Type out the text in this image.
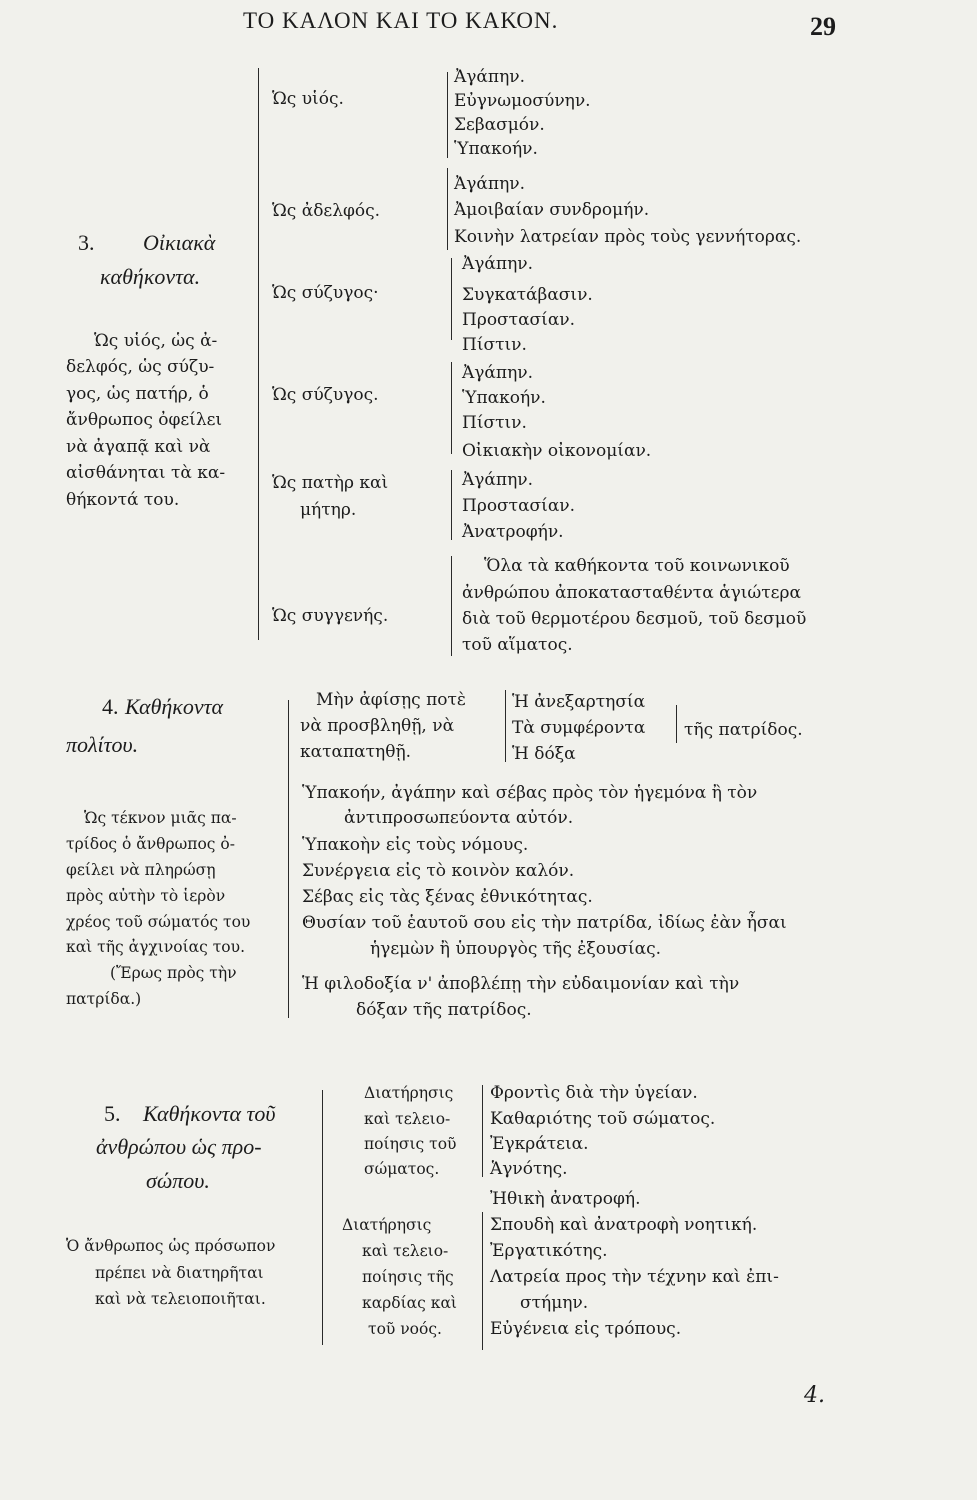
ΤΟ ΚΑΛΟΝ ΚΑΙ ΤΟ ΚΑΚΟΝ.	29
3. Οἰκιακὰ
καθήκοντα.
Ὡς υἱός, ὡς ἀ-
δελφός, ὡς σύζυ-
γος, ὡς πατήρ, ὁ
ἄνθρωπος ὀφείλει
νὰ ἀγαπᾷ καὶ νὰ
αἰσθάνηται τὰ κα-
θήκοντά του.
Ὡς υἱός.
Ὡς ἀδελφός.
Ὡς σύζυγος·
Ὡς σύζυγος.
Ὡς πατὴρ καὶ
μήτηρ.
Ὡς συγγενής.
Ἀγάπην.
Εὐγνωμοσύνην.
Σεβασμόν.
Ὑπακοήν.
Ἀγάπην.
Ἀμοιβαίαν συνδρομήν.
Κοινὴν λατρείαν πρὸς τοὺς γεννήτορας.
Ἀγάπην.
Συγκατάβασιν.
Προστασίαν.
Πίστιν.
Ἀγάπην.
Ὑπακοήν.
Πίστιν.
Οἰκιακὴν οἰκονομίαν.
Ἀγάπην.
Προστασίαν.
Ἀνατροφήν.
Ὅλα τὰ καθήκοντα τοῦ κοινωνικοῦ
ἀνθρώπου ἀποκατασταθέντα ἁγιώτερα
διὰ τοῦ θερμοτέρου δεσμοῦ, τοῦ δεσμοῦ
τοῦ αἵματος.
4. Καθήκοντα
πολίτου.
Ὡς τέκνον μιᾶς πα-
τρίδος ὁ ἄνθρωπος ὀ-
φείλει νὰ πληρώσῃ
πρὸς αὐτὴν τὸ ἱερὸν
χρέος τοῦ σώματός του
καὶ τῆς ἀγχινοίας του.
(Ἔρως πρὸς τὴν
πατρίδα.)
Μὴν ἀφίσῃς ποτὲ
νὰ προσβληθῇ, νὰ
καταπατηθῇ.
Ἡ ἀνεξαρτησία
Τὰ συμφέροντα
Ἡ δόξα
τῆς πατρίδος.
Ὑπακοήν, ἀγάπην καὶ σέβας πρὸς τὸν ἡγεμόνα ἢ τὸν
ἀντιπροσωπεύοντα αὐτόν.
Ὑπακοὴν εἰς τοὺς νόμους.
Συνέργεια εἰς τὸ κοινὸν καλόν.
Σέβας εἰς τὰς ξένας ἐθνικότητας.
Θυσίαν τοῦ ἑαυτοῦ σου εἰς τὴν πατρίδα, ἰδίως ἐὰν ἦσαι
ἡγεμὼν ἢ ὑπουργὸς τῆς ἐξουσίας.
Ἡ φιλοδοξία ν' ἀποβλέπῃ τὴν εὐδαιμονίαν καὶ τὴν
δόξαν τῆς πατρίδος.
5. Καθήκοντα τοῦ
ἀνθρώπου ὡς προ-
σώπου.
Ὁ ἄνθρωπος ὡς πρόσωπον
πρέπει νὰ διατηρῆται
καὶ νὰ τελειοποιῆται.
Διατήρησις
καὶ τελειο-
ποίησις τοῦ
σώματος.
Φροντὶς διὰ τὴν ὑγείαν.
Καθαριότης τοῦ σώματος.
Ἐγκράτεια.
Ἁγνότης.
Διατήρησις
καὶ τελειο-
ποίησις τῆς
καρδίας καὶ
τοῦ νοός.
Ἠθικὴ ἀνατροφή.
Σπουδὴ καὶ ἀνατροφὴ νοητική.
Ἐργατικότης.
Λατρεία προς τὴν τέχνην καὶ ἐπι-
στήμην.
Εὐγένεια εἰς τρόπους.
4.
